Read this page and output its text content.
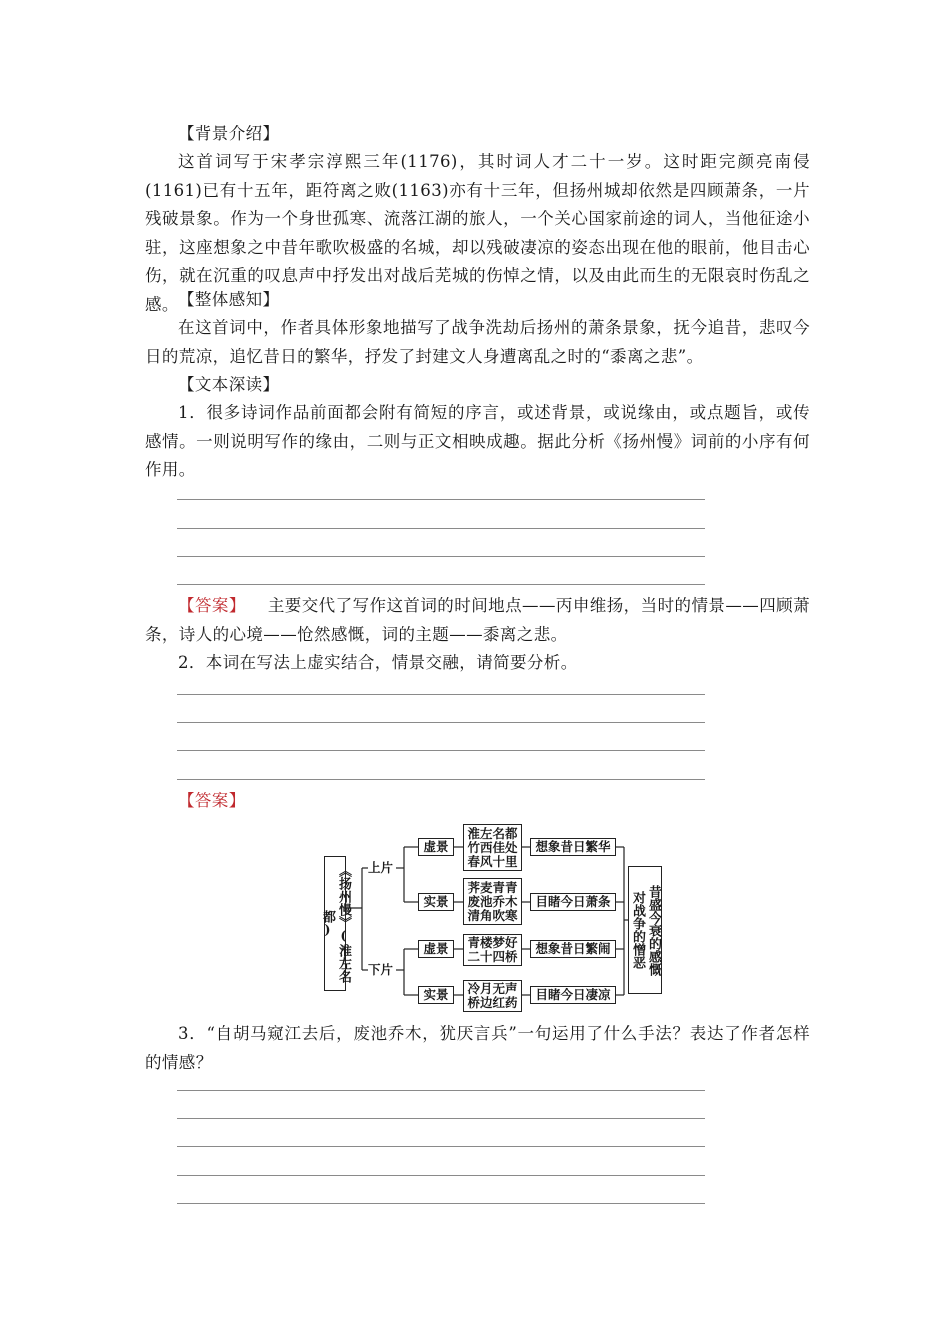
【背景介绍】
这首词写于宋孝宗淳熙三年(1176)，其时词人才二十一岁。这时距完颜亮南侵(1161)已有十五年，距符离之败(1163)亦有十三年，但扬州城却依然是四顾萧条，一片残破景象。作为一个身世孤寒、流落江湖的旅人，一个关心国家前途的词人，当他征途小驻，这座想象之中昔年歌吹极盛的名城，却以残破凄凉的姿态出现在他的眼前，他目击心伤，就在沉重的叹息声中抒发出对战后芜城的伤悼之情，以及由此而生的无限哀时伤乱之感。 【整体感知】
在这首词中，作者具体形象地描写了战争洗劫后扬州的萧条景象，抚今追昔，悲叹今日的荒凉，追忆昔日的繁华，抒发了封建文人身遭离乱之时的“黍离之悲”。
【文本深读】
1．很多诗词作品前面都会附有简短的序言，或述背景，或说缘由，或点题旨，或传感情。一则说明写作的缘由，二则与正文相映成趣。据此分析《扬州慢》词前的小序有何作用。
【答案】 主要交代了写作这首词的时间地点——丙申维扬，当时的情景——四顾萧条，诗人的心境——怆然感慨，词的主题——黍离之悲。
2．本词在写法上虚实结合，情景交融，请简要分析。
【答案】
《扬州慢》(淮左名都)
上片
下片
虚景
实景
虚景
实景
淮左名都
竹西佳处
春风十里
荠麦青青
废池乔木
清角吹寒
青楼梦好
二十四桥
冷月无声
桥边红药
想象昔日繁华
目睹今日萧条
想象昔日繁闹
目睹今日凄凉
昔盛今衰的感慨
对战争的憎恶
3．“自胡马窥江去后，废池乔木，犹厌言兵”一句运用了什么手法？表达了作者怎样的情感？
